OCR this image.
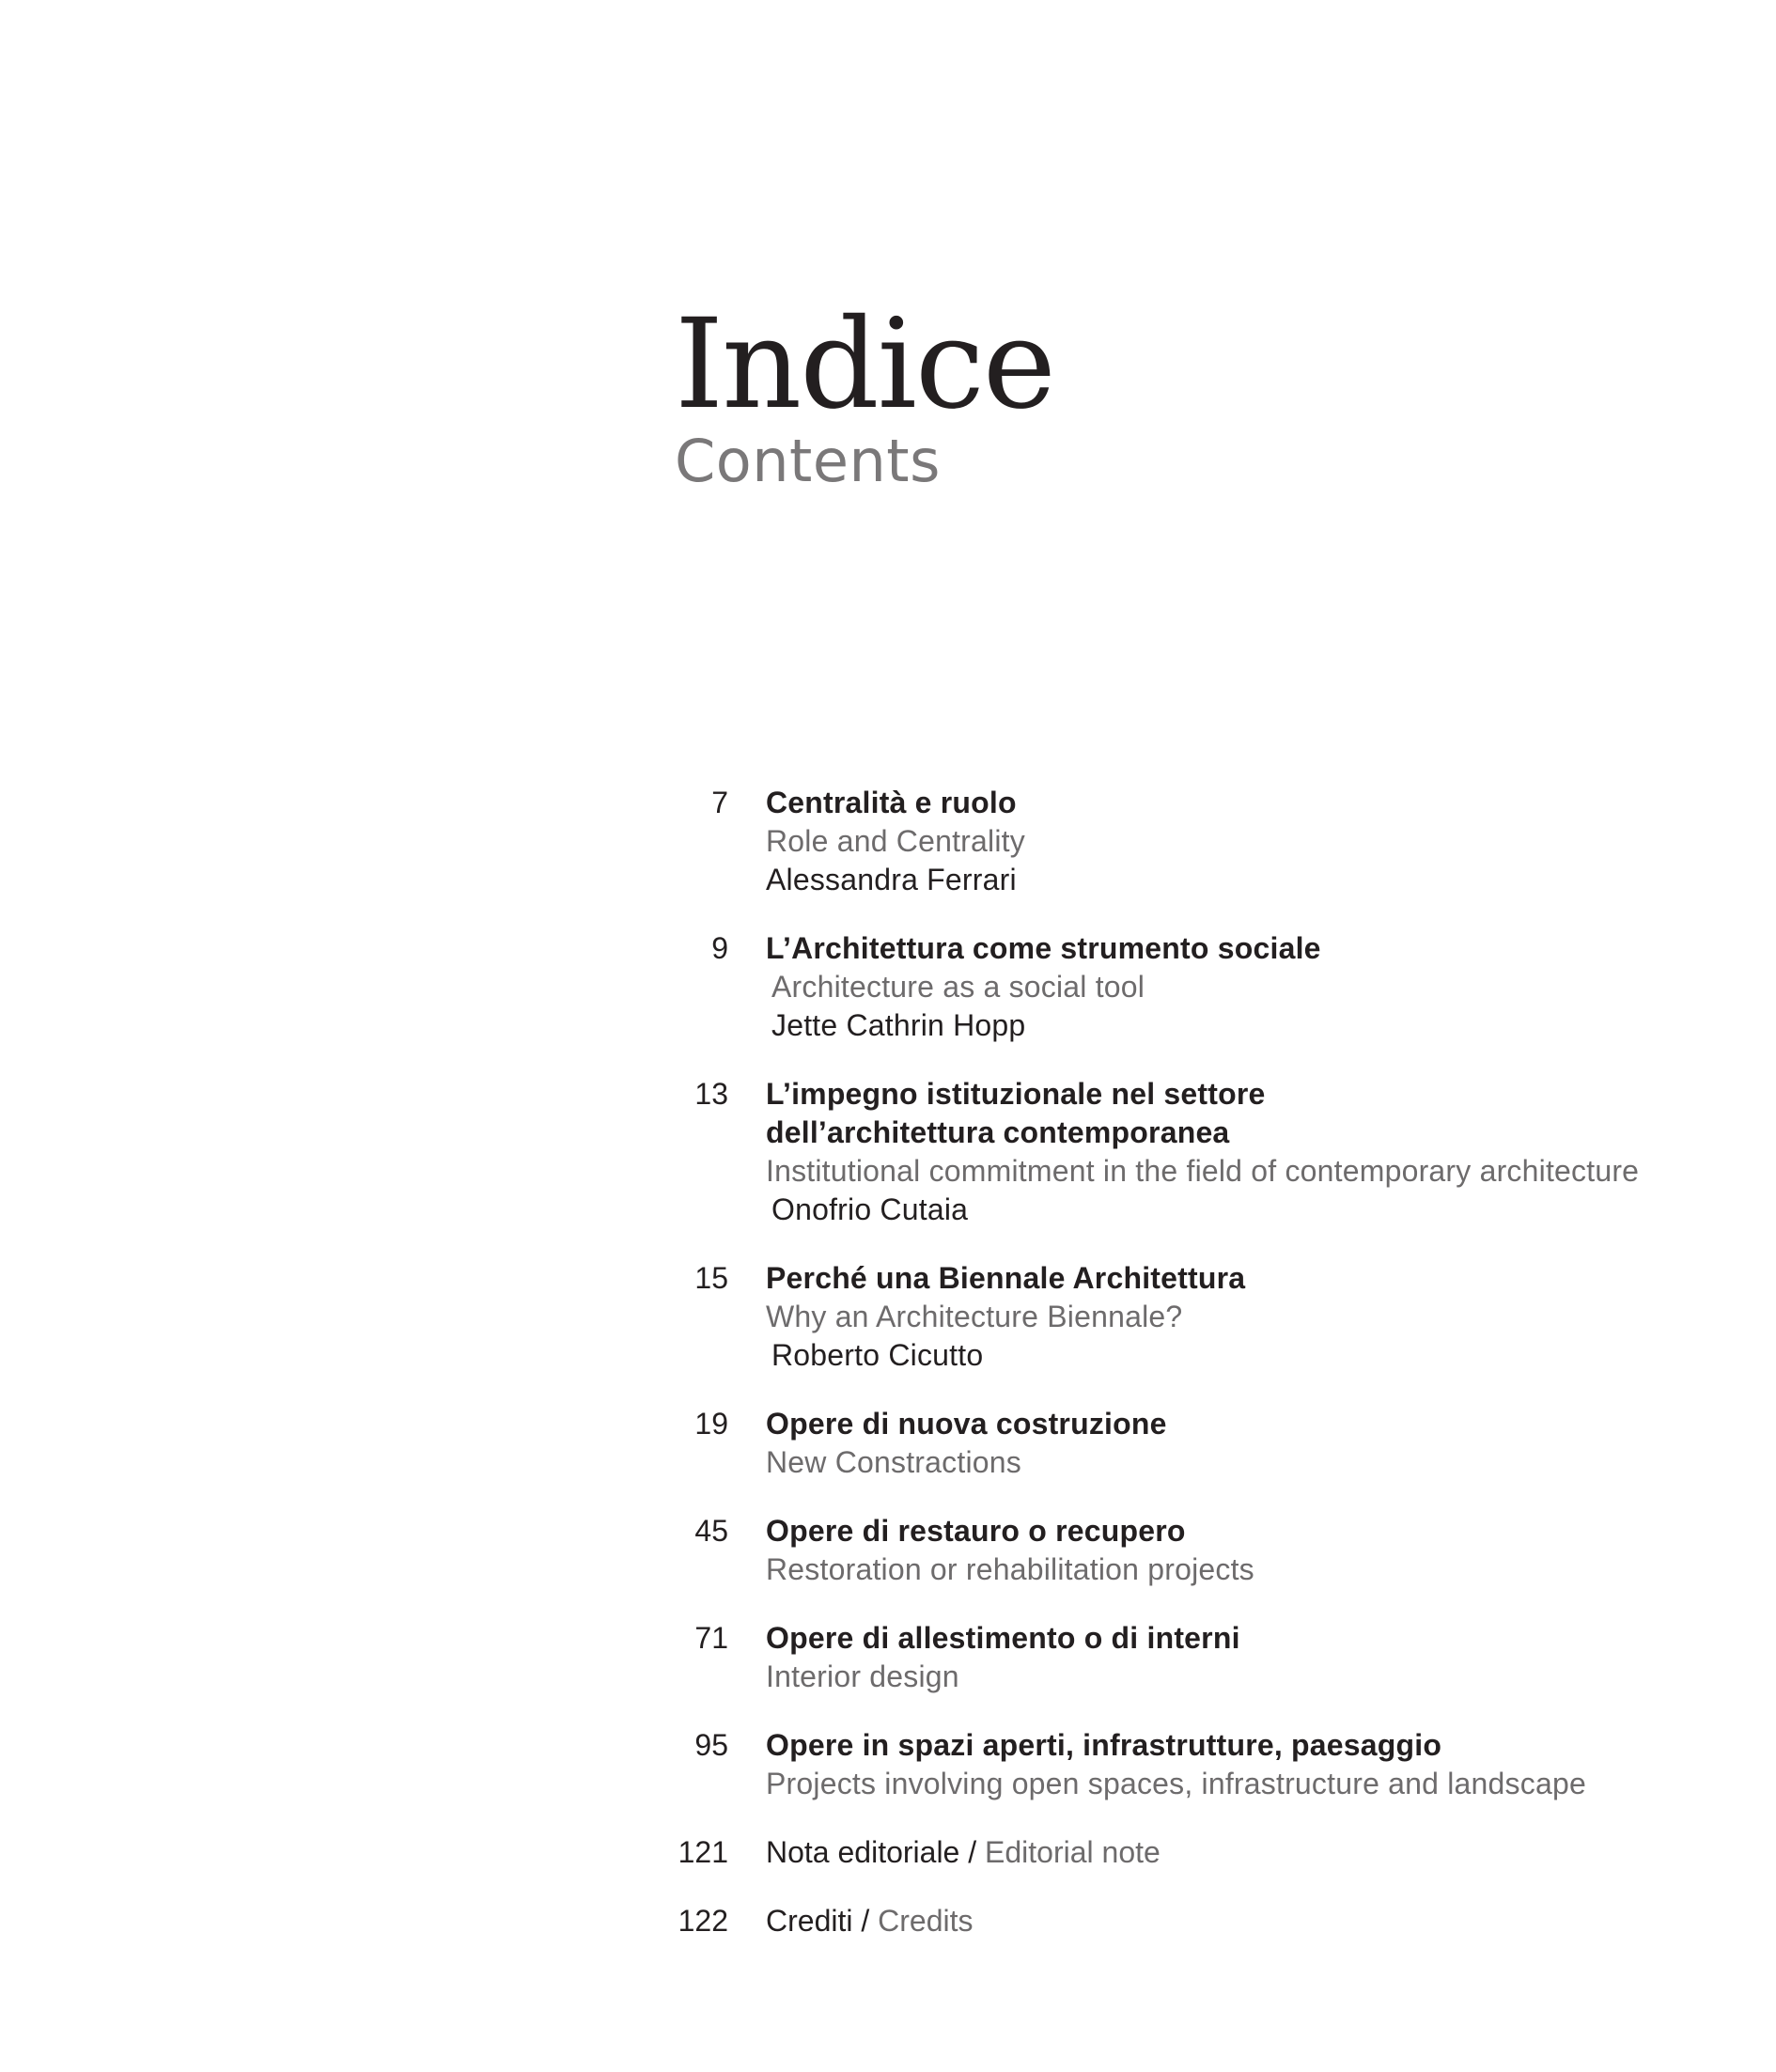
Indice
Contents
7 Centralità e ruolo
Role and Centrality
Alessandra Ferrari
9 L’Architettura come strumento sociale
Architecture as a social tool
Jette Cathrin Hopp
13 L’impegno istituzionale nel settore
dell’architettura contemporanea
Institutional commitment in the field of contemporary architecture
Onofrio Cutaia
15 Perché una Biennale Architettura
Why an Architecture Biennale?
Roberto Cicutto
19 Opere di nuova costruzione
New Constractions
45 Opere di restauro o recupero
Restoration or rehabilitation projects
71 Opere di allestimento o di interni
Interior design
95 Opere in spazi aperti, infrastrutture, paesaggio
Projects involving open spaces, infrastructure and landscape
121 Nota editoriale / Editorial note
122 Crediti / Credits
